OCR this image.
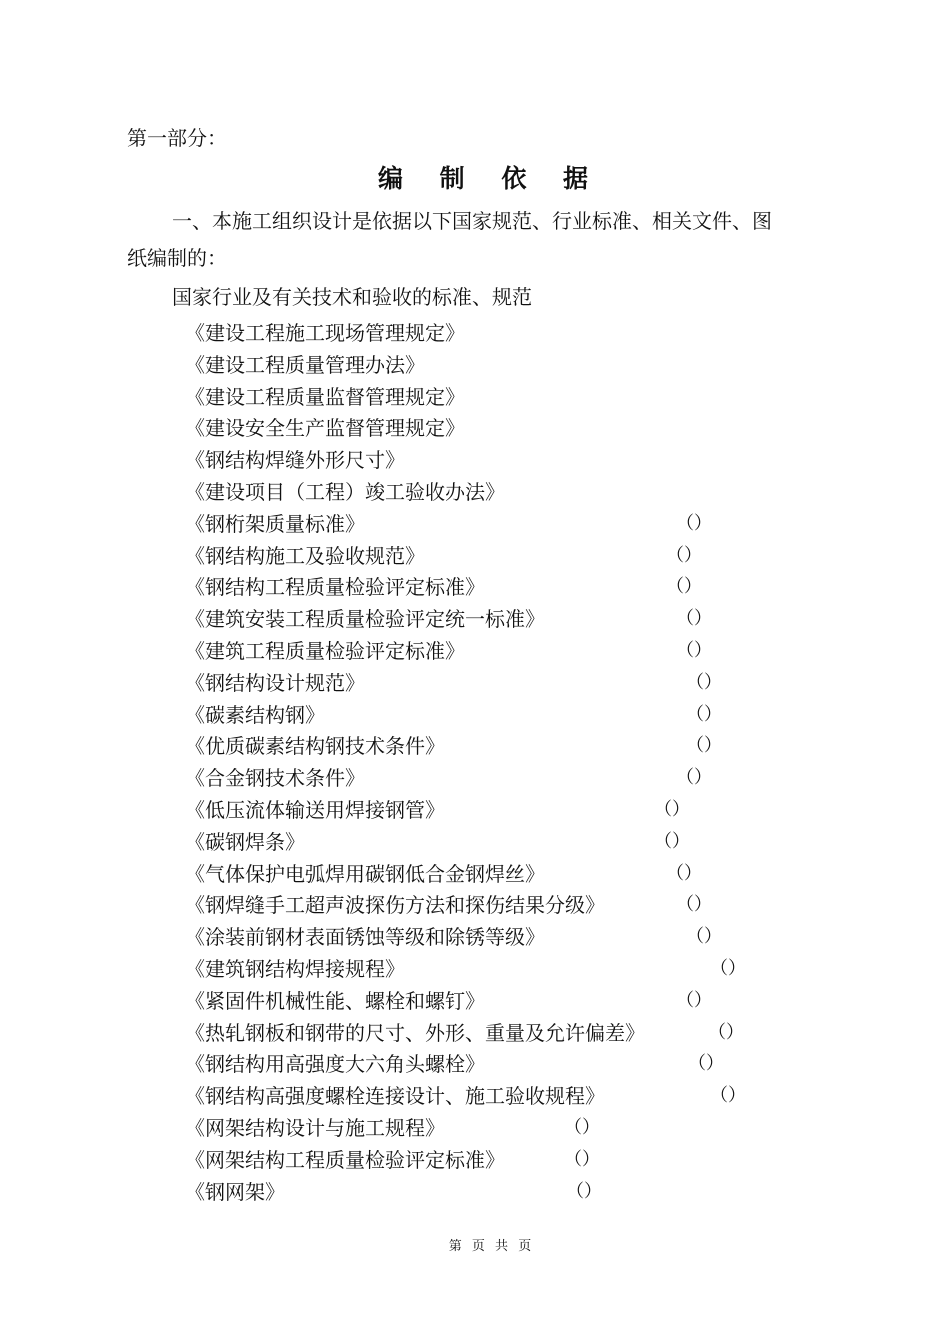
第一部分：
编 制 依 据
一、本施工组织设计是依据以下国家规范、行业标准、相关文件、图
纸编制的：
国家行业及有关技术和验收的标准、规范
《建设工程施工现场管理规定》
《建设工程质量管理办法》
《建设工程质量监督管理规定》
《建设安全生产监督管理规定》
《钢结构焊缝外形尺寸》
《建设项目（工程）竣工验收办法》
《钢桁架质量标准》	（）
《钢结构施工及验收规范》	（）
《钢结构工程质量检验评定标准》	（）
《建筑安装工程质量检验评定统一标准》	（）
《建筑工程质量检验评定标准》	（）
《钢结构设计规范》	（）
《碳素结构钢》	（）
《优质碳素结构钢技术条件》	（）
《合金钢技术条件》	（）
《低压流体输送用焊接钢管》	（）
《碳钢焊条》	（）
《气体保护电弧焊用碳钢低合金钢焊丝》	（）
《钢焊缝手工超声波探伤方法和探伤结果分级》	（）
《涂装前钢材表面锈蚀等级和除锈等级》	（）
《建筑钢结构焊接规程》	（）
《紧固件机械性能、螺栓和螺钉》	（）
《热轧钢板和钢带的尺寸、外形、重量及允许偏差》	（）
《钢结构用高强度大六角头螺栓》	（）
《钢结构高强度螺栓连接设计、施工验收规程》	（）
《网架结构设计与施工规程》	（）
《网架结构工程质量检验评定标准》	（）
《钢网架》	（）
第 页 共 页
